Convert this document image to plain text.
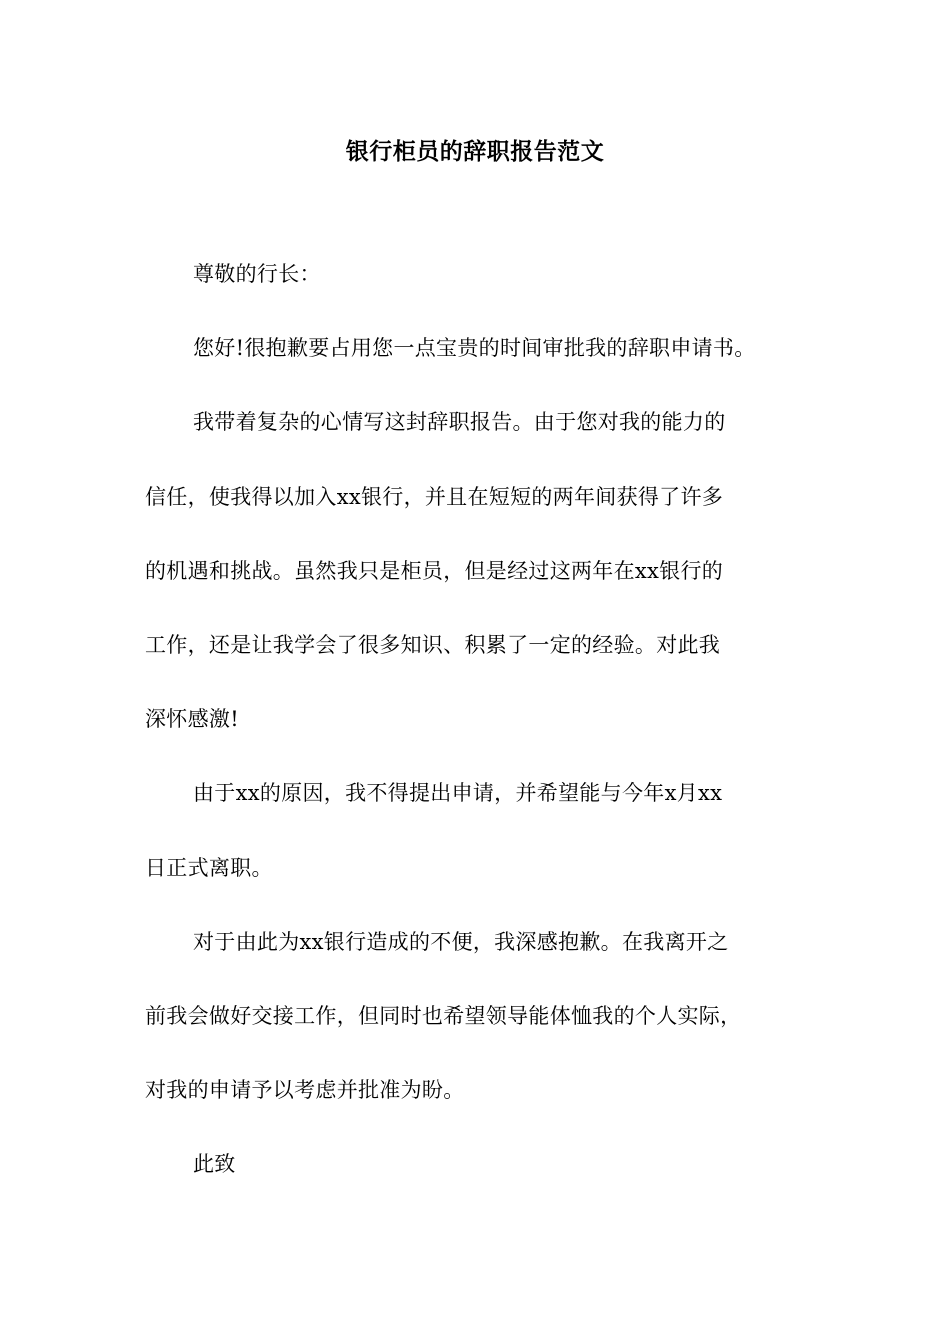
银行柜员的辞职报告范文
尊敬的行长：
您好!很抱歉要占用您一点宝贵的时间审批我的辞职申请书。
我带着复杂的心情写这封辞职报告。由于您对我的能力的
信任，使我得以加入xx银行，并且在短短的两年间获得了许多
的机遇和挑战。虽然我只是柜员，但是经过这两年在xx银行的
工作，还是让我学会了很多知识、积累了一定的经验。对此我
深怀感激!
由于xx的原因，我不得提出申请，并希望能与今年x月xx
日正式离职。
对于由此为xx银行造成的不便，我深感抱歉。在我离开之
前我会做好交接工作，但同时也希望领导能体恤我的个人实际，
对我的申请予以考虑并批准为盼。
此致
